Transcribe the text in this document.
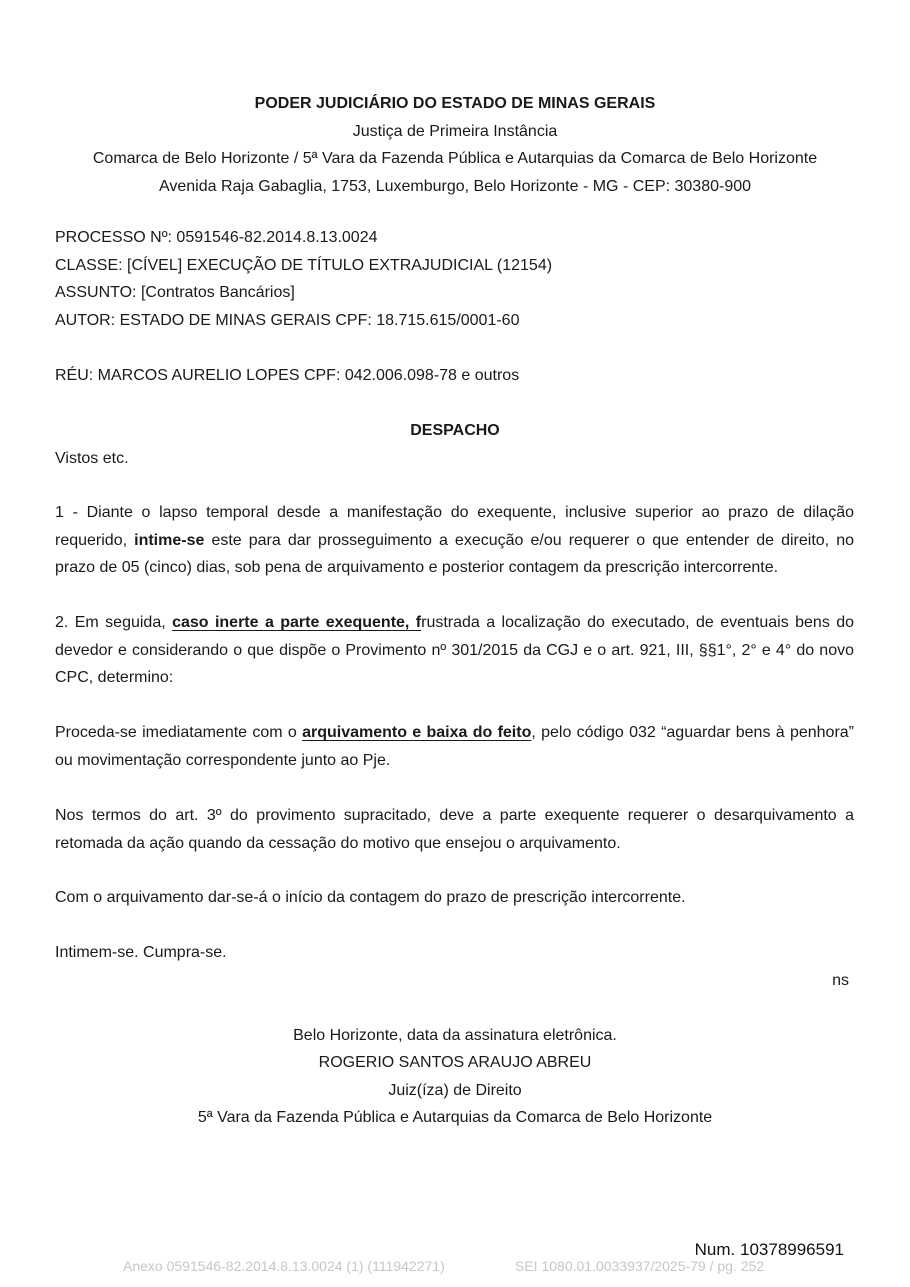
PODER JUDICIÁRIO DO ESTADO DE MINAS GERAIS
Justiça de Primeira Instância
Comarca de Belo Horizonte / 5ª Vara da Fazenda Pública e Autarquias da Comarca de Belo Horizonte
Avenida Raja Gabaglia, 1753, Luxemburgo, Belo Horizonte - MG - CEP: 30380-900
PROCESSO Nº: 0591546-82.2014.8.13.0024
CLASSE: [CÍVEL] EXECUÇÃO DE TÍTULO EXTRAJUDICIAL (12154)
ASSUNTO: [Contratos Bancários]
AUTOR: ESTADO DE MINAS GERAIS CPF: 18.715.615/0001-60
RÉU: MARCOS AURELIO LOPES CPF: 042.006.098-78 e outros
DESPACHO
Vistos etc.
1 - Diante o lapso temporal desde a manifestação do exequente, inclusive superior ao prazo de dilação requerido, intime-se este para dar prosseguimento a execução e/ou requerer o que entender de direito, no prazo de 05 (cinco) dias, sob pena de arquivamento e posterior contagem da prescrição intercorrente.
2. Em seguida, caso inerte a parte exequente, frustrada a localização do executado, de eventuais bens do devedor e considerando o que dispõe o Provimento nº 301/2015 da CGJ e o art. 921, III, §§1°, 2° e 4° do novo CPC, determino:
Proceda-se imediatamente com o arquivamento e baixa do feito, pelo código 032 “aguardar bens à penhora” ou movimentação correspondente junto ao Pje.
Nos termos do art. 3º do provimento supracitado, deve a parte exequente requerer o desarquivamento a retomada da ação quando da cessação do motivo que ensejou o arquivamento.
Com o arquivamento dar-se-á o início da contagem do prazo de prescrição intercorrente.
Intimem-se. Cumpra-se.
ns
Belo Horizonte, data da assinatura eletrônica.
ROGERIO SANTOS ARAUJO ABREU
Juiz(íza) de Direito
5ª Vara da Fazenda Pública e Autarquias da Comarca de Belo Horizonte
Num. 10378996591
Anexo 0591546-82.2014.8.13.0024 (1) (111942271)	SEI 1080.01.0033937/2025-79 / pg. 252
